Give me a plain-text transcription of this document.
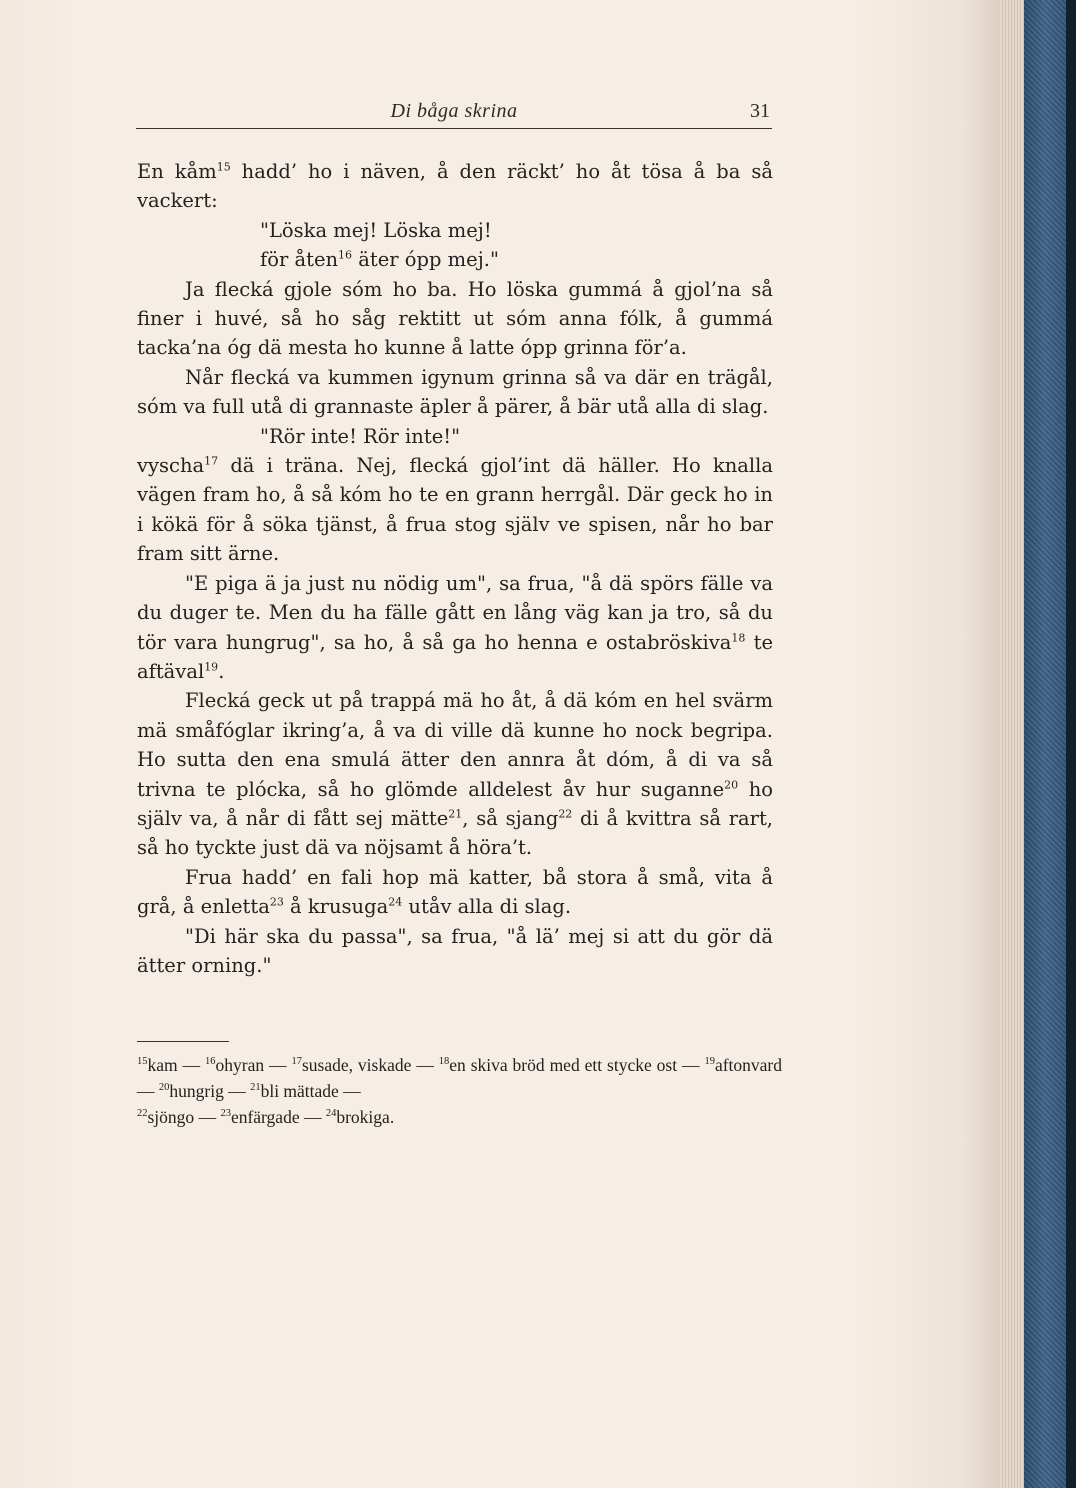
Di båga skrina	31

En kåm$^{15}$ hadd’ ho i näven, å den räckt’ ho åt tösa å ba så vackert:

"Löska mej! Löska mej!

för åten$^{16}$ äter ópp mej."

Ja flecká gjole sóm ho ba. Ho löska gummá å gjol’na så finer i huvé, så ho såg rektitt ut sóm anna fólk, å gummá tacka’na óg dä mesta ho kunne å latte ópp grinna för’a.

Når flecká va kummen igynum grinna så va där en trägål, sóm va full utå di grannaste äpler å pärer, å bär utå alla di slag.

"Rör inte! Rör inte!"

vyscha$^{17}$ dä i träna. Nej, flecká gjol’int dä häller. Ho knalla vägen fram ho, å så kóm ho te en grann herrgål. Där geck ho in i kökä för å söka tjänst, å frua stog själv ve spisen, når ho bar fram sitt ärne.

"E piga ä ja just nu nödig um", sa frua, "å dä spörs fälle va du duger te. Men du ha fälle gått en lång väg kan ja tro, så du tör vara hungrug", sa ho, å så ga ho henna e ostabröskiva$^{18}$ te aftäval$^{19}$.

Flecká geck ut på trappá mä ho åt, å dä kóm en hel svärm mä småfóglar ikring’a, å va di ville dä kunne ho nock begripa. Ho sutta den ena smulá ätter den annra åt dóm, å di va så trivna te plócka, så ho glömde alldelest åv hur suganne$^{20}$ ho själv va, å når di fått sej mätte$^{21}$, så sjang$^{22}$ di å kvittra så rart, så ho tyckte just dä va nöjsamt å höra’t.

Frua hadd’ en fali hop mä katter, bå stora å små, vita å grå, å enletta$^{23}$ å krusuga$^{24}$ utåv alla di slag.

"Di här ska du passa", sa frua, "å lä’ mej si att du gör dä ätter orning."

$^{15}$kam — $^{16}$ohyran — $^{17}$susade, viskade — $^{18}$en skiva bröd med ett stycke ost — $^{19}$aftonvard — $^{20}$hungrig — $^{21}$bli mättade —
$^{22}$sjöngo — $^{23}$enfärgade — $^{24}$brokiga.
